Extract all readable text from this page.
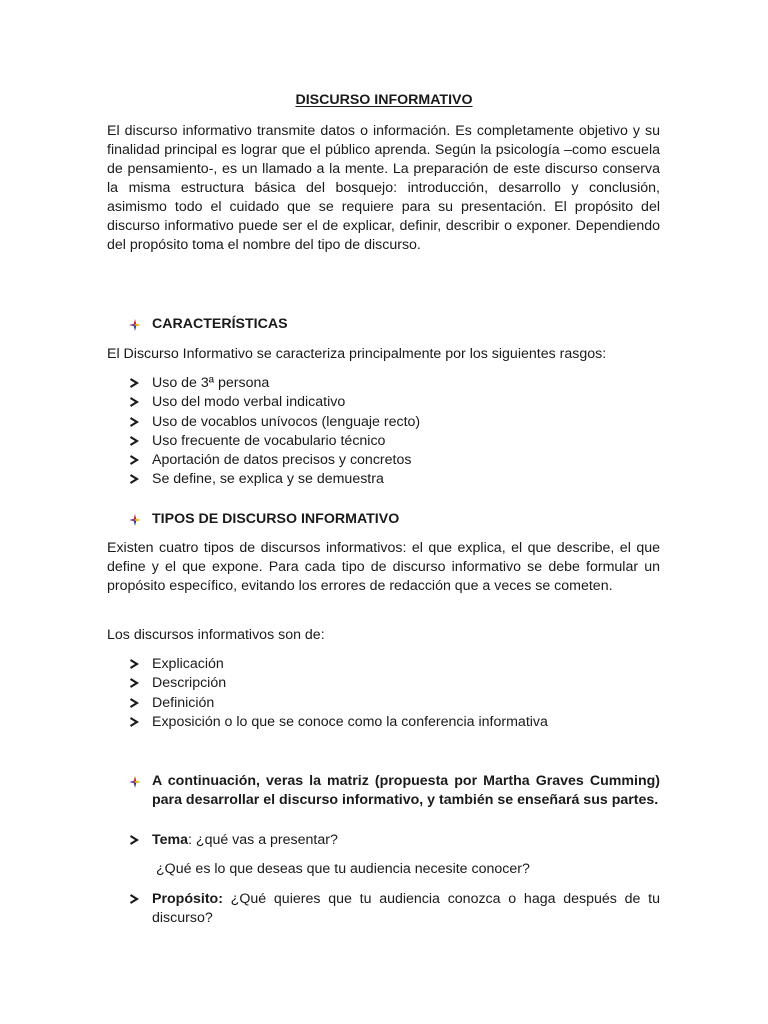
DISCURSO INFORMATIVO
El discurso informativo transmite datos o información. Es completamente objetivo y su finalidad principal es lograr que el público aprenda. Según la psicología –como escuela de pensamiento-, es un llamado a la mente. La preparación de este discurso conserva la misma estructura básica del bosquejo: introducción, desarrollo y conclusión, asimismo todo el cuidado que se requiere para su presentación. El propósito del discurso informativo puede ser el de explicar, definir, describir o exponer. Dependiendo del propósito toma el nombre del tipo de discurso.
CARACTERÍSTICAS
El Discurso Informativo se caracteriza principalmente por los siguientes rasgos:
Uso de 3ª persona
Uso del modo verbal indicativo
Uso de vocablos unívocos (lenguaje recto)
Uso frecuente de vocabulario técnico
Aportación de datos precisos y concretos
Se define, se explica y se demuestra
TIPOS DE DISCURSO INFORMATIVO
Existen cuatro tipos de discursos informativos: el que explica, el que describe, el que define y el que expone. Para cada tipo de discurso informativo se debe formular un propósito específico, evitando los errores de redacción que a veces se cometen.
Los discursos informativos son de:
Explicación
Descripción
Definición
Exposición o lo que se conoce como la conferencia informativa
A continuación, veras la matriz (propuesta por Martha Graves Cumming) para desarrollar el discurso informativo, y también se enseñará sus partes.
Tema: ¿qué vas a presentar?
¿Qué es lo que deseas que tu audiencia necesite conocer?
Propósito: ¿Qué quieres que tu audiencia conozca o haga después de tu discurso?
